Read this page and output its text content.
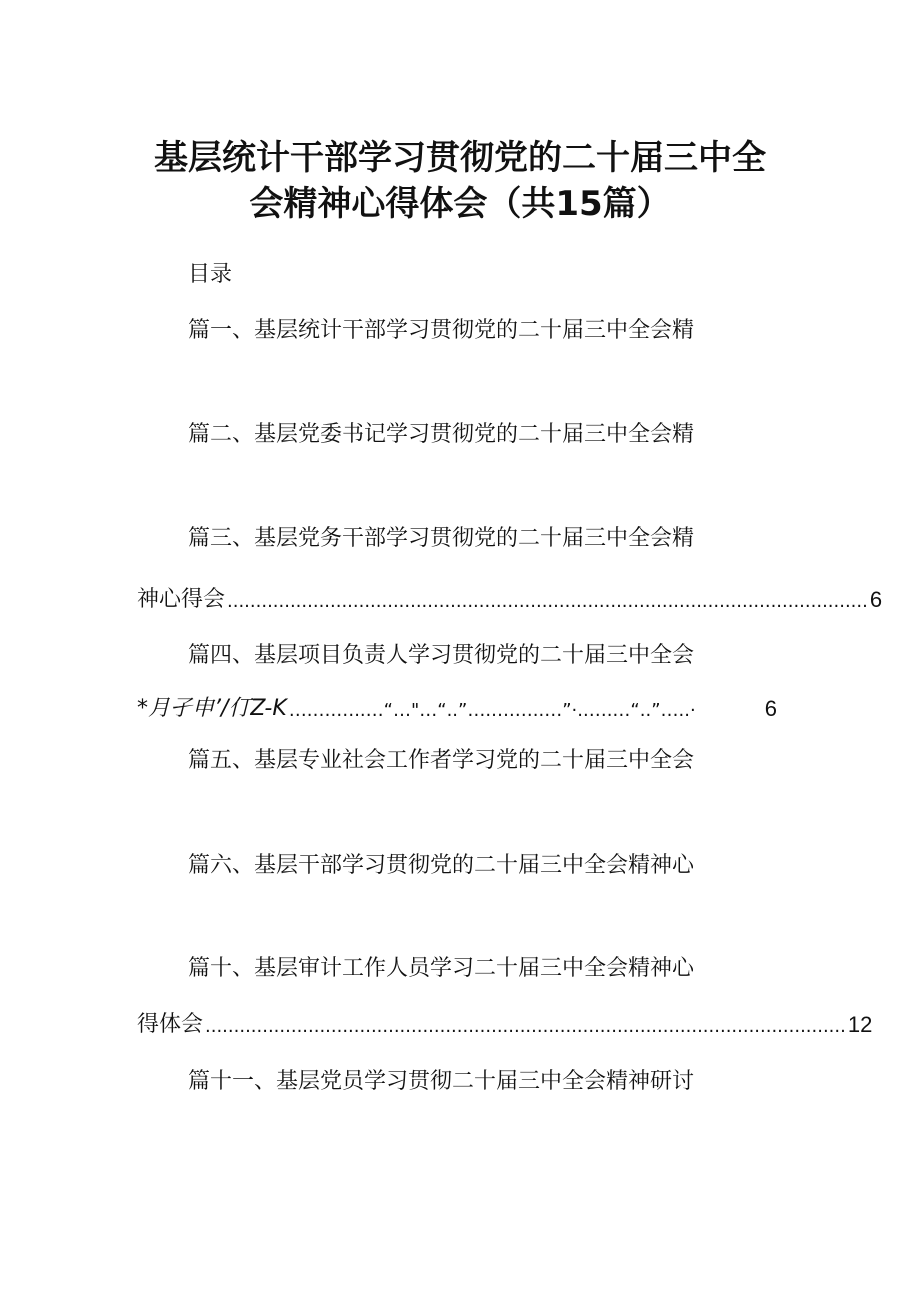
基层统计干部学习贯彻党的二十届三中全
会精神心得体会（共15篇）
目录
篇一、基层统计干部学习贯彻党的二十届三中全会精
篇二、基层党委书记学习贯彻党的二十届三中全会精
篇三、基层党务干部学习贯彻党的二十届三中全会精
神心得会 ................................................................................................................ 6
篇四、基层项目负责人学习贯彻党的二十届三中全会
*月孑申’/仃Z-K ….….…..…“…"…“..”….….…..…”·..….…“..”…..·	6
篇五、基层专业社会工作者学习党的二十届三中全会
篇六、基层干部学习贯彻党的二十届三中全会精神心
篇十、基层审计工作人员学习二十届三中全会精神心
得体会 ................................................................................................................ 12
篇十一、基层党员学习贯彻二十届三中全会精神研讨
